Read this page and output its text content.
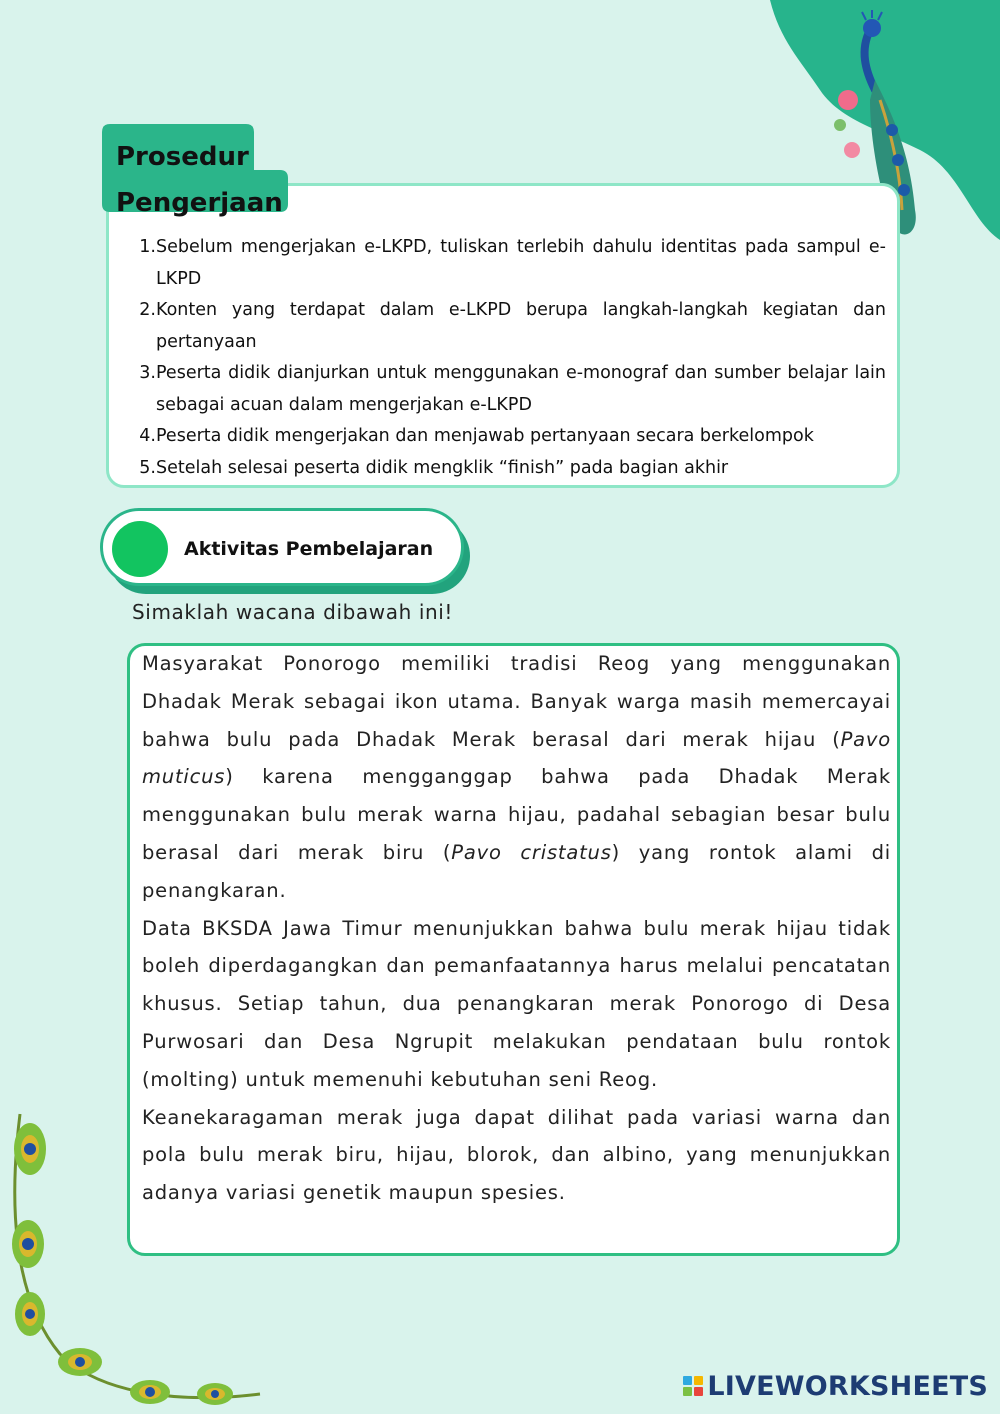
Prosedur
Pengerjaan
1. Sebelum mengerjakan e-LKPD, tuliskan terlebih dahulu identitas pada sampul e-LKPD
2. Konten yang terdapat dalam e-LKPD berupa langkah-langkah kegiatan dan pertanyaan
3. Peserta didik dianjurkan untuk menggunakan e-monograf dan sumber belajar lain sebagai acuan dalam mengerjakan e-LKPD
4. Peserta didik mengerjakan dan menjawab pertanyaan secara berkelompok
5. Setelah selesai peserta didik mengklik “finish” pada bagian akhir
Aktivitas Pembelajaran
Simaklah wacana dibawah ini!

Masyarakat Ponorogo memiliki tradisi Reog yang menggunakan Dhadak Merak sebagai ikon utama. Banyak warga masih memercayai bahwa bulu pada Dhadak Merak berasal dari merak hijau (Pavo muticus) karena mengganggap bahwa pada Dhadak Merak menggunakan bulu merak warna hijau, padahal sebagian besar bulu berasal dari merak biru (Pavo cristatus) yang rontok alami di penangkaran.

Data BKSDA Jawa Timur menunjukkan bahwa bulu merak hijau tidak boleh diperdagangkan dan pemanfaatannya harus melalui pencatatan khusus. Setiap tahun, dua penangkaran merak Ponorogo di Desa Purwosari dan Desa Ngrupit melakukan pendataan bulu rontok (molting) untuk memenuhi kebutuhan seni Reog.

Keanekaragaman merak juga dapat dilihat pada variasi warna dan pola bulu merak biru, hijau, blorok, dan albino, yang menunjukkan adanya variasi genetik maupun spesies.

LIVEWORKSHEETS
